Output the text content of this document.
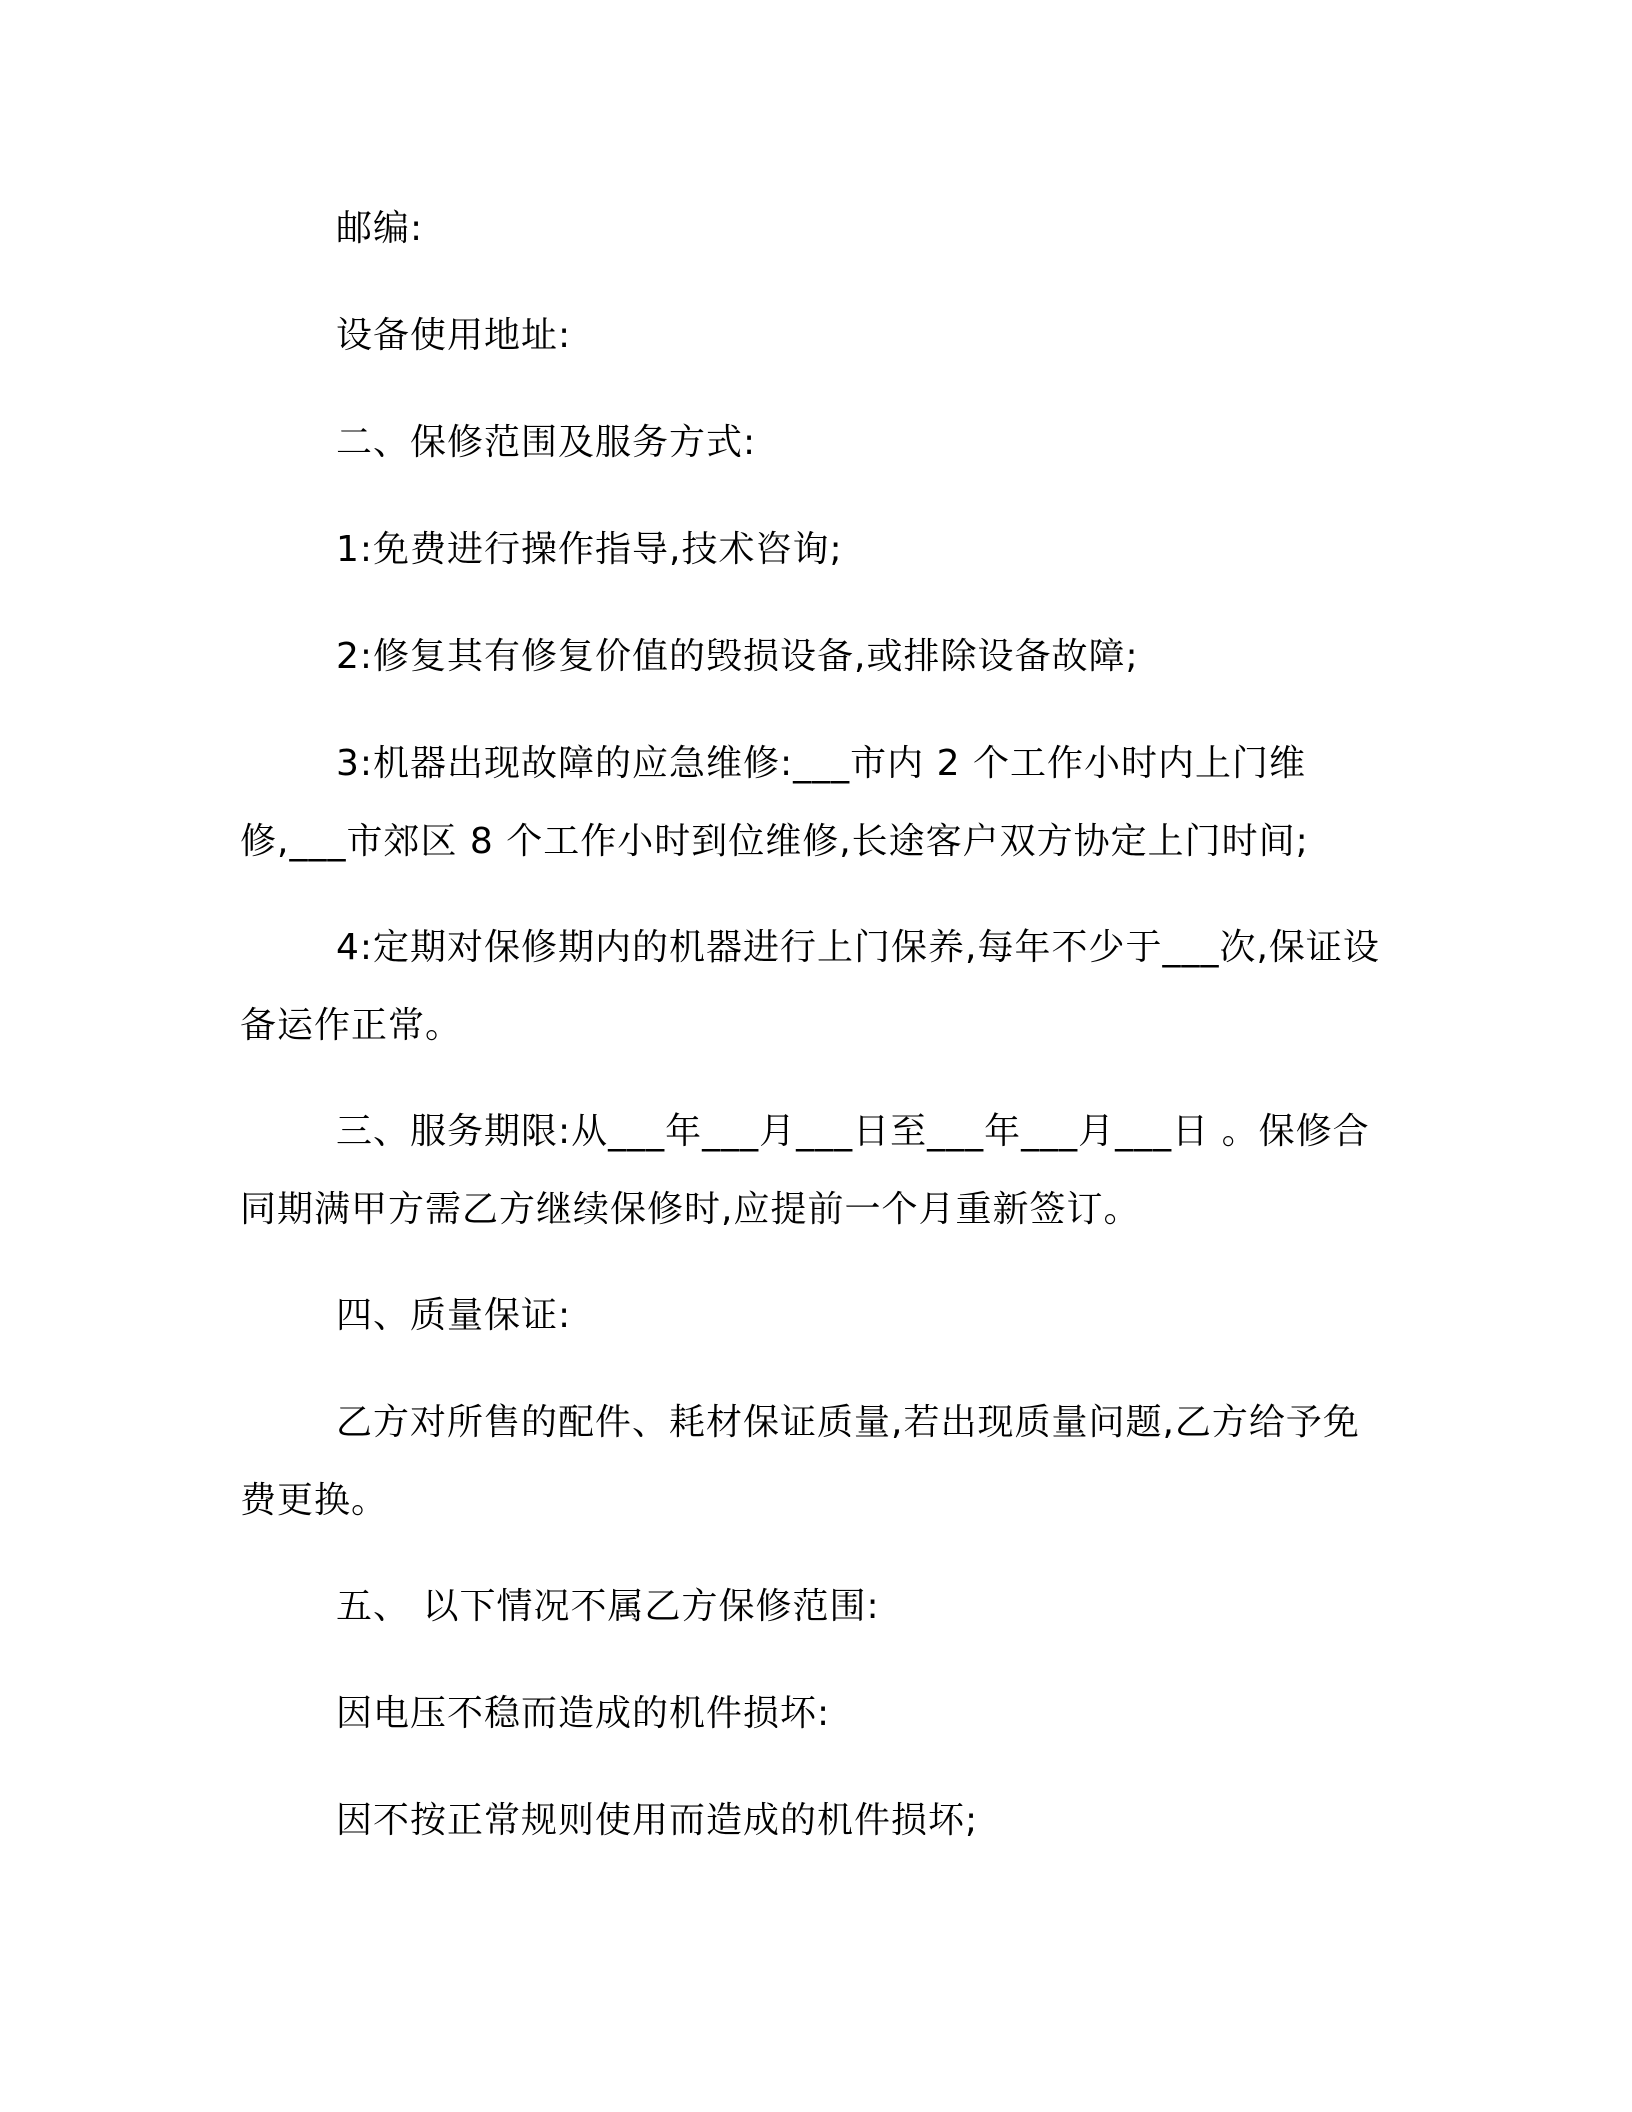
邮编:

设备使用地址:

二、保修范围及服务方式:

1:免费进行操作指导,技术咨询;

2:修复其有修复价值的毁损设备,或排除设备故障;

3:机器出现故障的应急维修:___市内 2 个工作小时内上门维修,___市郊区 8 个工作小时到位维修,长途客户双方协定上门时间;

4:定期对保修期内的机器进行上门保养,每年不少于___次,保证设备运作正常。

三、服务期限:从___年___月___日至___年___月___日 。保修合同期满甲方需乙方继续保修时,应提前一个月重新签订。

四、质量保证:

乙方对所售的配件、耗材保证质量,若出现质量问题,乙方给予免费更换。

五、 以下情况不属乙方保修范围:

因电压不稳而造成的机件损坏:

因不按正常规则使用而造成的机件损坏;
